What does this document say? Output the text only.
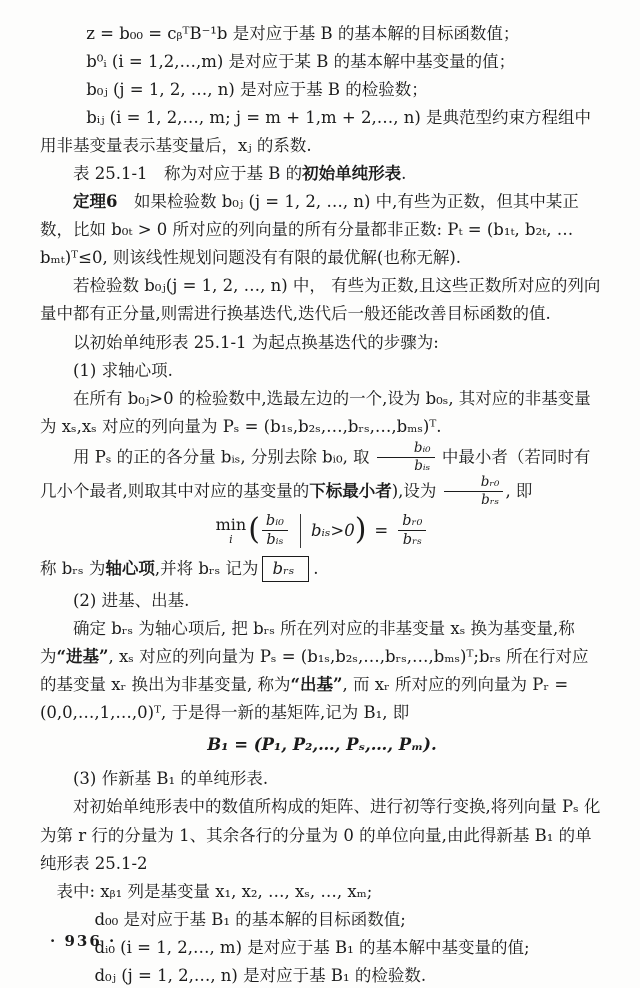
z = b₀₀ = cᵦᵀB⁻¹b 是对应于基 B 的基本解的目标函数值；

b⁰ᵢ (i = 1,2,…,m) 是对应于某 B 的基本解中基变量的值；

b₀ⱼ (j = 1, 2, …, n) 是对应于基 B 的检验数；

bᵢⱼ (i = 1, 2,…, m; j = m + 1,m + 2,…, n) 是典范型约束方程组中用非基变量表示基变量后，xⱼ 的系数.

表 25.1-1　称为对应于基 B 的初始单纯形表.

定理6　如果检验数 b₀ⱼ (j = 1, 2, …, n) 中,有些为正数，但其中某正数，比如 b₀ₜ > 0 所对应的列向量的所有分量都非正数: Pₜ = (b₁ₜ, b₂ₜ, …bₘₜ)ᵀ≤0, 则该线性规划问题没有有限的最优解(也称无解).

若检验数 b₀ⱼ(j = 1, 2, …, n) 中， 有些为正数,且这些正数所对应的列向量中都有正分量,则需进行换基迭代,迭代后一般还能改善目标函数的值.

以初始单纯形表 25.1-1 为起点换基迭代的步骤为:

(1) 求轴心项.

在所有 b₀ⱼ>0 的检验数中,选最左边的一个,设为 b₀ₛ, 其对应的非基变量为 xₛ,xₛ 对应的列向量为 Pₛ = (b₁ₛ,b₂ₛ,…,bᵣₛ,…,bₘₛ)ᵀ.

用 Pₛ 的正的各分量 bᵢₛ, 分别去除 bᵢ₀, 取 $\frac{\text{bᵢ₀}}{\text{bᵢₛ}}$ 中最小者（若同时有几小个最者,则取其中对应的基变量的下标最小者),设为 $\frac{\text{bᵣ₀}}{\text{bᵣₛ}}$ , 即

min
i ( $\frac{\text{bᵢ₀}}{\text{bᵢₛ}}$ bᵢₛ>0 ) = $\frac{\text{bᵣ₀}}{\text{bᵣₛ}}$

称 bᵣₛ 为轴心项,并将 bᵣₛ 记为 bᵣₛ .

(2) 进基、出基.

确定 bᵣₛ 为轴心项后, 把 bᵣₛ 所在列对应的非基变量 xₛ 换为基变量,称为“进基”, xₛ 对应的列向量为 Pₛ = (b₁ₛ,b₂ₛ,…,bᵣₛ,…,bₘₛ)ᵀ;bᵣₛ 所在行对应的基变量 xᵣ 换出为非基变量, 称为“出基”, 而 xᵣ 所对应的列向量为 Pᵣ = (0,0,…,1,…,0)ᵀ, 于是得一新的基矩阵,记为 B₁, 即

B₁ = (P₁, P₂,…, Pₛ,…, Pₘ).

(3) 作新基 B₁ 的单纯形表.

对初始单纯形表中的数值所构成的矩阵、进行初等行变换,将列向量 Pₛ 化为第 r 行的分量为 1、其余各行的分量为 0 的单位向量,由此得新基 B₁ 的单纯形表 25.1-2

表中: xᵦ₁ 列是基变量 x₁, x₂, …, xₛ, …, xₘ;

d₀₀ 是对应于基 B₁ 的基本解的目标函数值;

dᵢ₀ (i = 1, 2,…, m) 是对应于基 B₁ 的基本解中基变量的值;

d₀ⱼ (j = 1, 2,…, n) 是对应于基 B₁ 的检验数.

· 936 ·
